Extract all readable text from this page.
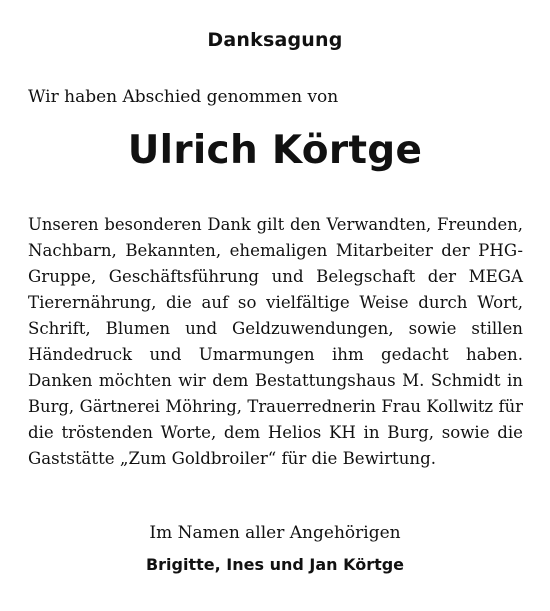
Danksagung
Wir haben Abschied genommen von
Ulrich Körtge
Unseren besonderen Dank gilt den Verwandten, Freunden,
Nachbarn, Bekannten, ehemaligen Mitarbeiter der PHG-
Gruppe, Geschäftsführung und Belegschaft der MEGA
Tierernährung, die auf so vielfältige Weise durch Wort,
Schrift, Blumen und Geldzuwendungen, sowie stillen
Händedruck und Umarmungen ihm gedacht haben.
Danken möchten wir dem Bestattungshaus M. Schmidt in
Burg, Gärtnerei Möhring, Trauerrednerin Frau Kollwitz für
die tröstenden Worte, dem Helios KH in Burg, sowie die
Gaststätte „Zum Goldbroiler“ für die Bewirtung.
Im Namen aller Angehörigen
Brigitte, Ines und Jan Körtge
